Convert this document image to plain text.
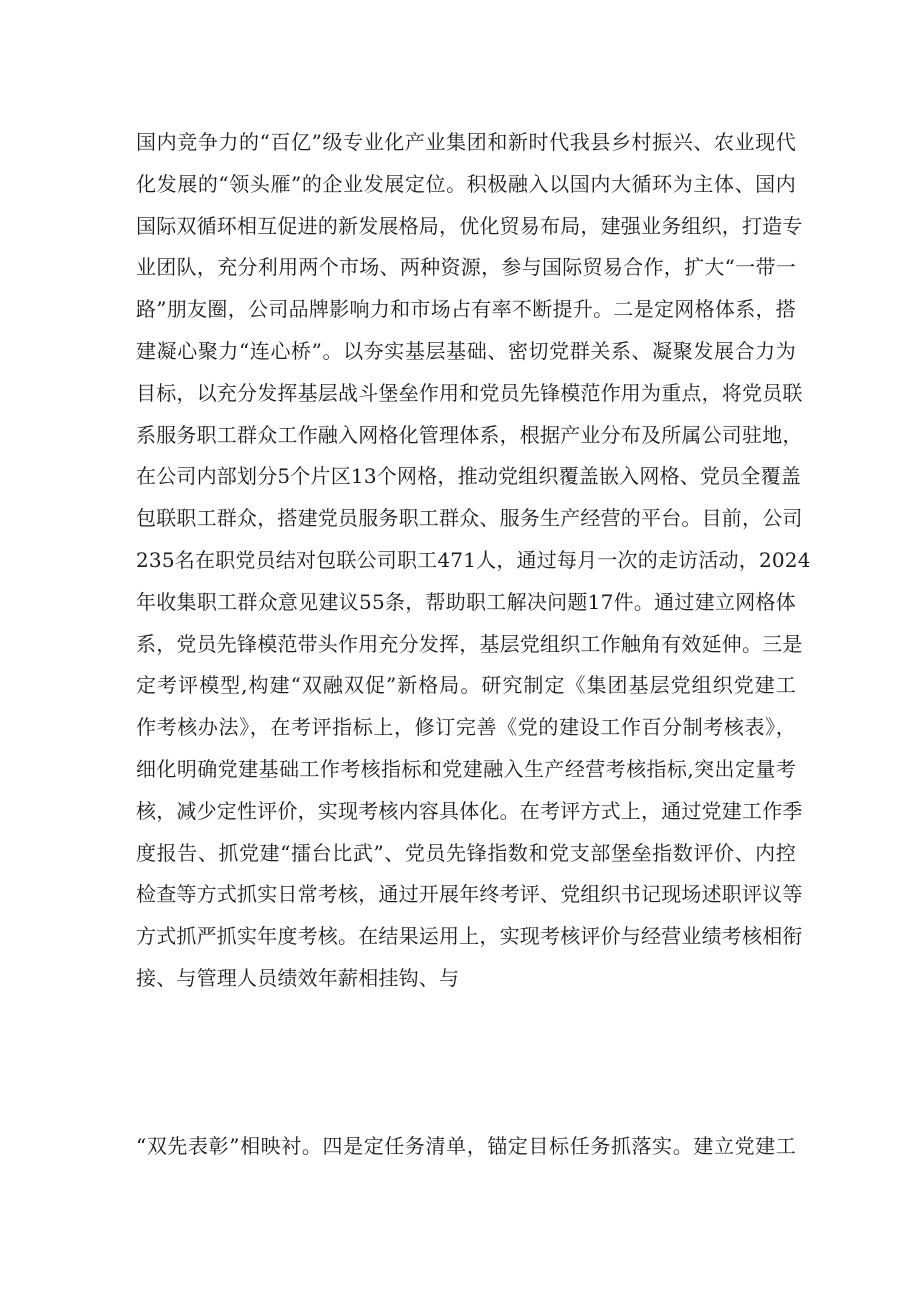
国内竞争力的“百亿”级专业化产业集团和新时代我县乡村振兴、农业现代
化发展的“领头雁”的企业发展定位。积极融入以国内大循环为主体、国内
国际双循环相互促进的新发展格局，优化贸易布局，建强业务组织，打造专
业团队，充分利用两个市场、两种资源，参与国际贸易合作，扩大“一带一
路”朋友圈，公司品牌影响力和市场占有率不断提升。二是定网格体系，搭
建凝心聚力“连心桥”。以夯实基层基础、密切党群关系、凝聚发展合力为
目标，以充分发挥基层战斗堡垒作用和党员先锋模范作用为重点，将党员联
系服务职工群众工作融入网格化管理体系，根据产业分布及所属公司驻地，
在公司内部划分5个片区13个网格，推动党组织覆盖嵌入网格、党员全覆盖
包联职工群众，搭建党员服务职工群众、服务生产经营的平台。目前，公司
235名在职党员结对包联公司职工471人，通过每月一次的走访活动，2024
年收集职工群众意见建议55条，帮助职工解决问题17件。通过建立网格体
系，党员先锋模范带头作用充分发挥，基层党组织工作触角有效延伸。三是
定考评模型,构建“双融双促”新格局。研究制定《集团基层党组织党建工
作考核办法》，在考评指标上，修订完善《党的建设工作百分制考核表》，
细化明确党建基础工作考核指标和党建融入生产经营考核指标,突出定量考
核，减少定性评价，实现考核内容具体化。在考评方式上，通过党建工作季
度报告、抓党建“擂台比武”、党员先锋指数和党支部堡垒指数评价、内控
检查等方式抓实日常考核，通过开展年终考评、党组织书记现场述职评议等
方式抓严抓实年度考核。在结果运用上，实现考核评价与经营业绩考核相衔
接、与管理人员绩效年薪相挂钩、与
“双先表彰”相映衬。四是定任务清单，锚定目标任务抓落实。建立党建工
